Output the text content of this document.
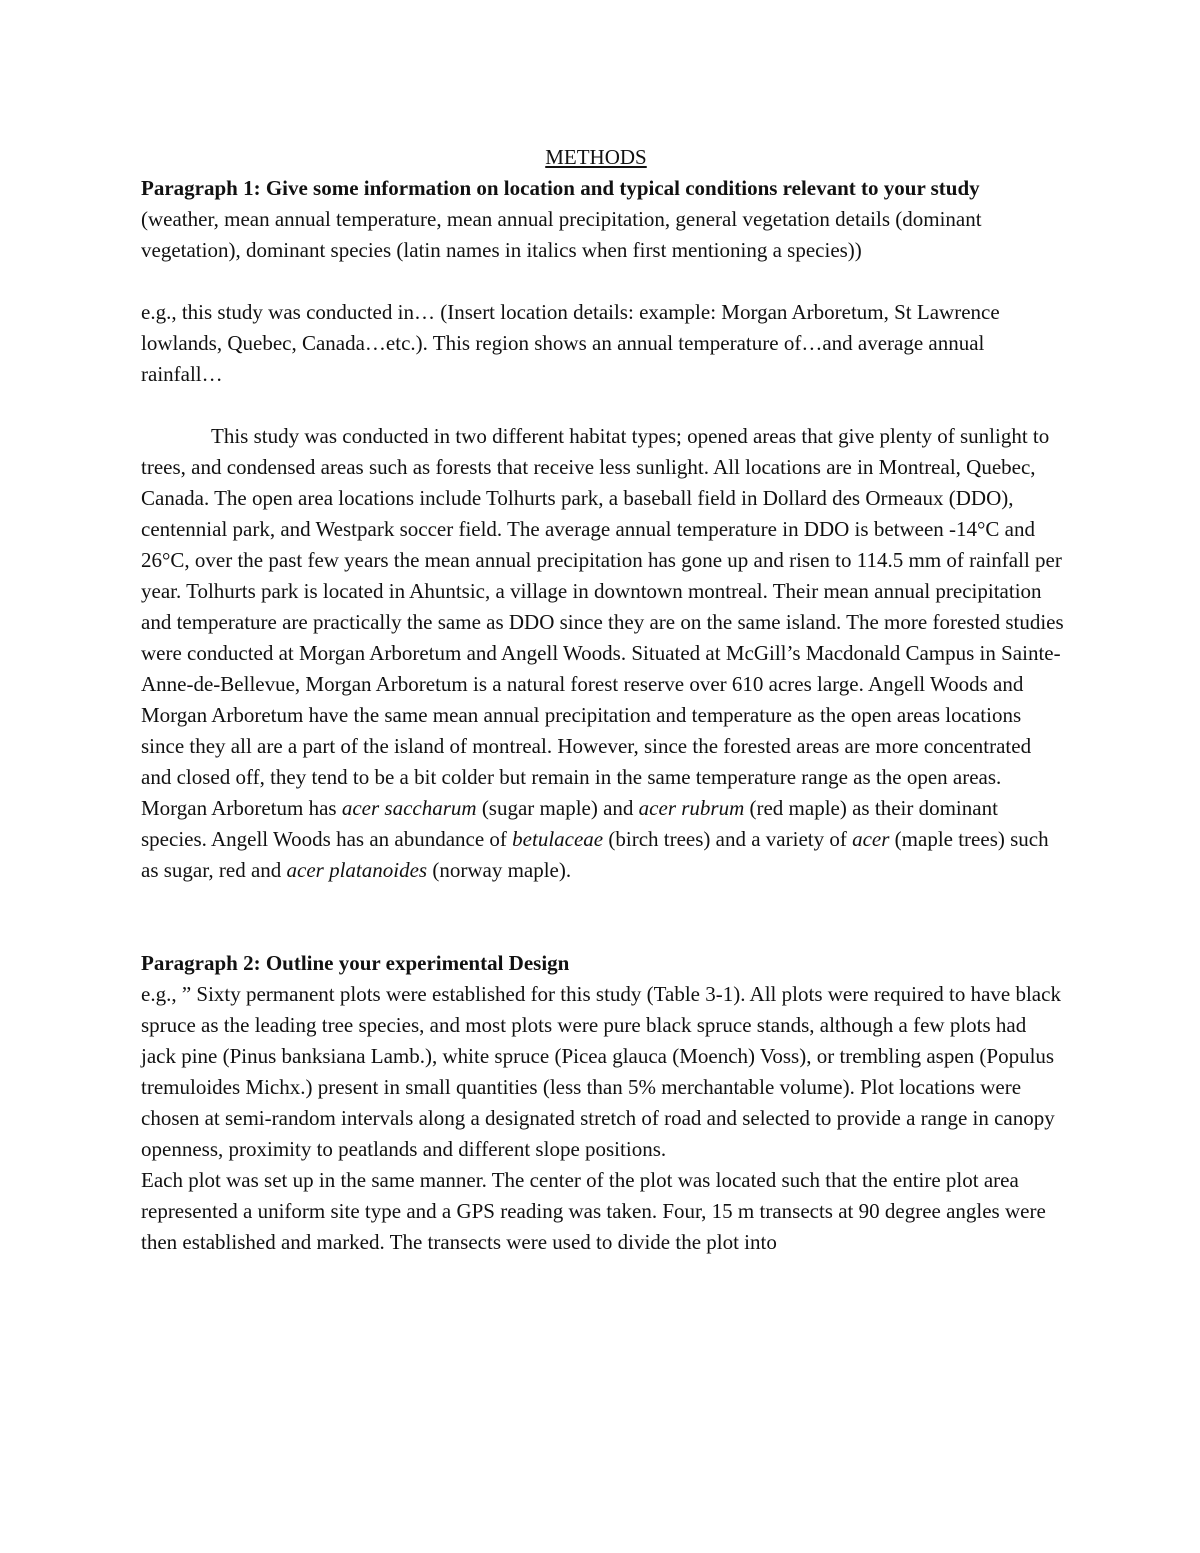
METHODS

Paragraph 1: Give some information on location and typical conditions relevant to your study

(weather, mean annual temperature, mean annual precipitation, general vegetation details (dominant vegetation), dominant species (latin names in italics when first mentioning a species))

e.g., this study was conducted in… (Insert location details: example: Morgan Arboretum, St Lawrence lowlands, Quebec, Canada…etc.). This region shows an annual temperature of…and average annual rainfall…

This study was conducted in two different habitat types; opened areas that give plenty of sunlight to trees, and condensed areas such as forests that receive less sunlight. All locations are in Montreal, Quebec, Canada. The open area locations include Tolhurts park, a baseball field in Dollard des Ormeaux (DDO), centennial park, and Westpark soccer field. The average annual temperature in DDO is between -14°C and 26°C, over the past few years the mean annual precipitation has gone up and risen to 114.5 mm of rainfall per year. Tolhurts park is located in Ahuntsic, a village in downtown montreal. Their mean annual precipitation and temperature are practically the same as DDO since they are on the same island. The more forested studies were conducted at Morgan Arboretum and Angell Woods. Situated at McGill’s Macdonald Campus in Sainte-Anne-de-Bellevue, Morgan Arboretum is a natural forest reserve over 610 acres large. Angell Woods and Morgan Arboretum have the same mean annual precipitation and temperature as the open areas locations since they all are a part of the island of montreal. However, since the forested areas are more concentrated and closed off, they tend to be a bit colder but remain in the same temperature range as the open areas. Morgan Arboretum has acer saccharum (sugar maple) and acer rubrum (red maple) as their dominant species. Angell Woods has an abundance of betulaceae (birch trees) and a variety of acer (maple trees) such as sugar, red and acer platanoides (norway maple).

Paragraph 2: Outline your experimental Design

e.g., ” Sixty permanent plots were established for this study (Table 3-1). All plots were required to have black spruce as the leading tree species, and most plots were pure black spruce stands, although a few plots had jack pine (Pinus banksiana Lamb.), white spruce (Picea glauca (Moench) Voss), or trembling aspen (Populus tremuloides Michx.) present in small quantities (less than 5% merchantable volume). Plot locations were chosen at semi-random intervals along a designated stretch of road and selected to provide a range in canopy openness, proximity to peatlands and different slope positions.

Each plot was set up in the same manner. The center of the plot was located such that the entire plot area represented a uniform site type and a GPS reading was taken. Four, 15 m transects at 90 degree angles were then established and marked. The transects were used to divide the plot into
